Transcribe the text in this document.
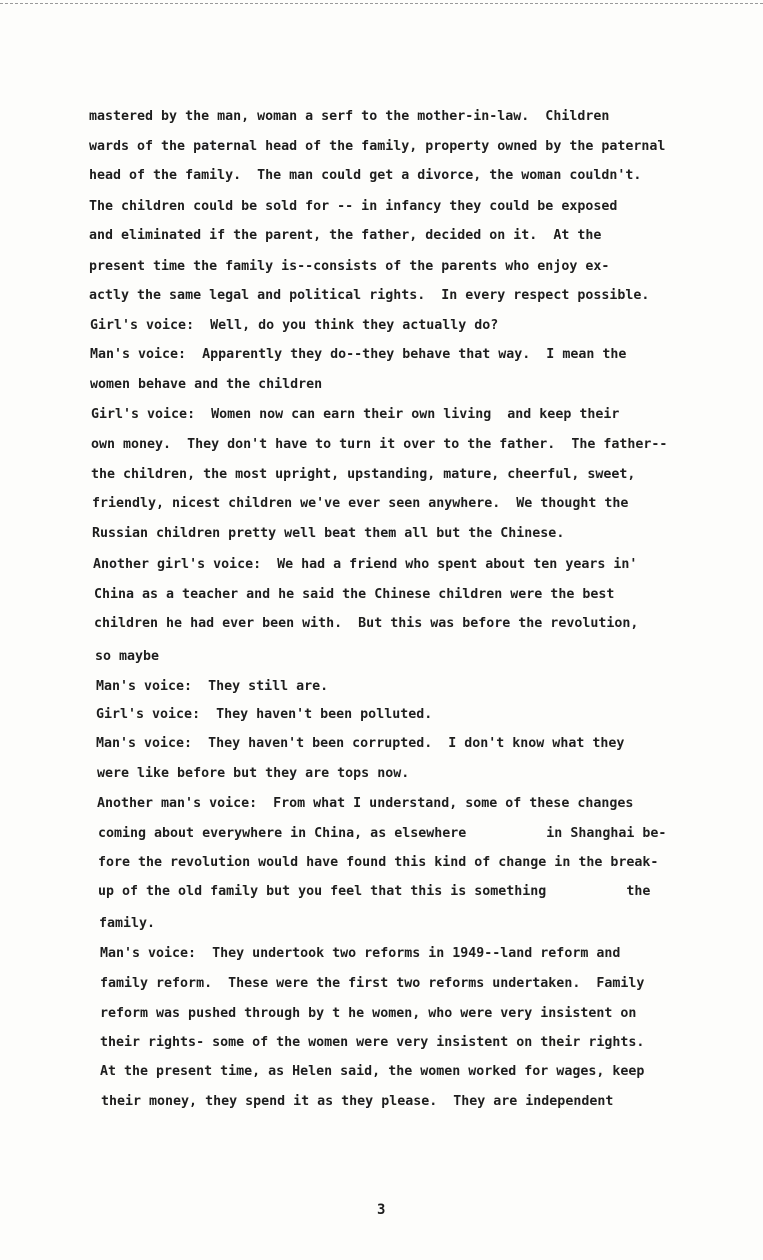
mastered by the man, woman a serf to the mother-in-law.  Children
wards of the paternal head of the family, property owned by the paternal
head of the family.  The man could get a divorce, the woman couldn't.
The children could be sold for -- in infancy they could be exposed
and eliminated if the parent, the father, decided on it.  At the
present time the family is--consists of the parents who enjoy ex-
actly the same legal and political rights.  In every respect possible.
Girl's voice:  Well, do you think they actually do?
Man's voice:  Apparently they do--they behave that way.  I mean the
women behave and the children
Girl's voice:  Women now can earn their own living  and keep their
own money.  They don't have to turn it over to the father.  The father--
the children, the most upright, upstanding, mature, cheerful, sweet,
friendly, nicest children we've ever seen anywhere.  We thought the
Russian children pretty well beat them all but the Chinese.
Another girl's voice:  We had a friend who spent about ten years in'
China as a teacher and he said the Chinese children were the best
children he had ever been with.  But this was before the revolution,
so maybe
Man's voice:  They still are.
Girl's voice:  They haven't been polluted.
Man's voice:  They haven't been corrupted.  I don't know what they
were like before but they are tops now.
Another man's voice:  From what I understand, some of these changes
coming about everywhere in China, as elsewhere          in Shanghai be-
fore the revolution would have found this kind of change in the break-
up of the old family but you feel that this is something          the
family.
Man's voice:  They undertook two reforms in 1949--land reform and
family reform.  These were the first two reforms undertaken.  Family
reform was pushed through by t he women, who were very insistent on
their rights- some of the women were very insistent on their rights.
At the present time, as Helen said, the women worked for wages, keep
their money, they spend it as they please.  They are independent
3
